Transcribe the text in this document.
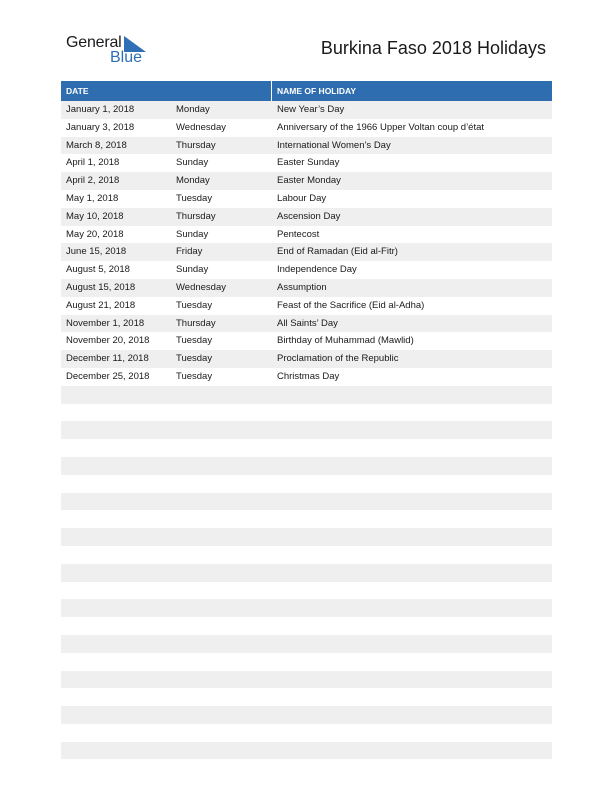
General
Blue	Burkina Faso 2018 Holidays
DATE	NAME OF HOLIDAY
January 1, 2018	Monday	New Year’s Day
January 3, 2018	Wednesday	Anniversary of the 1966 Upper Voltan coup d’état
March 8, 2018	Thursday	International Women’s Day
April 1, 2018	Sunday	Easter Sunday
April 2, 2018	Monday	Easter Monday
May 1, 2018	Tuesday	Labour Day
May 10, 2018	Thursday	Ascension Day
May 20, 2018	Sunday	Pentecost
June 15, 2018	Friday	End of Ramadan (Eid al-Fitr)
August 5, 2018	Sunday	Independence Day
August 15, 2018	Wednesday	Assumption
August 21, 2018	Tuesday	Feast of the Sacrifice (Eid al-Adha)
November 1, 2018	Thursday	All Saints’ Day
November 20, 2018	Tuesday	Birthday of Muhammad (Mawlid)
December 11, 2018	Tuesday	Proclamation of the Republic
December 25, 2018	Tuesday	Christmas Day
